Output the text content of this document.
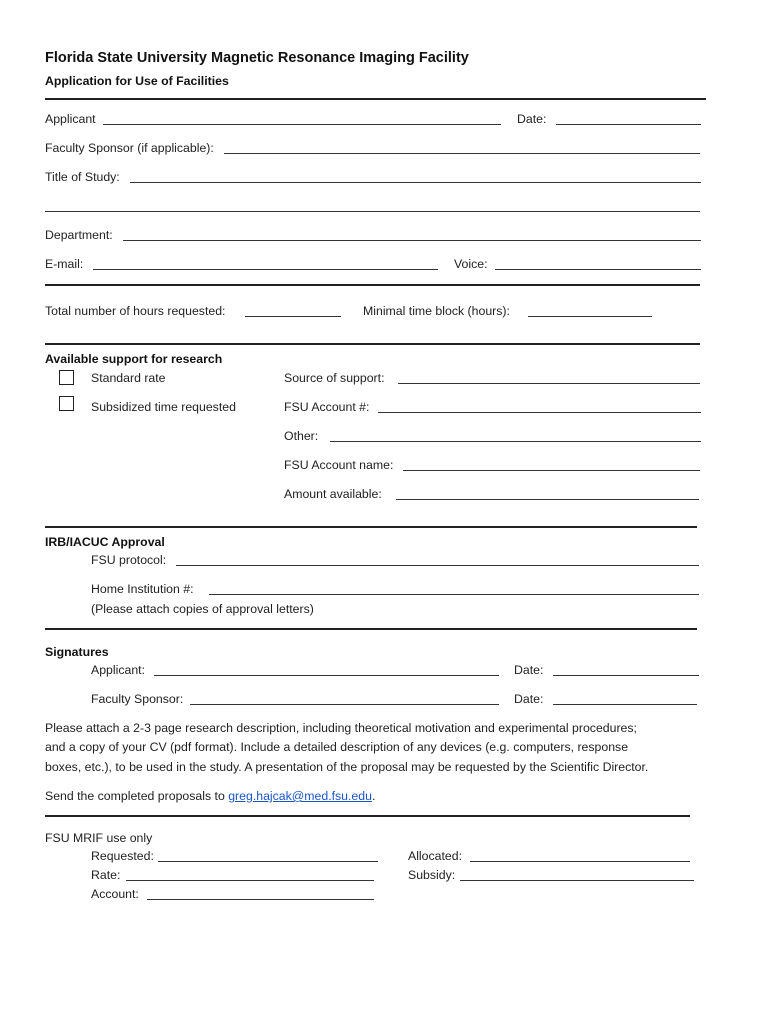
Florida State University Magnetic Resonance Imaging Facility
Application for Use of Facilities
Applicant	Date:
Faculty Sponsor (if applicable):
Title of Study:
Department:
E-mail:	Voice:
Total number of hours requested:	Minimal time block (hours):
Available support for research
Standard rate
Subsidized time requested
Source of support:
FSU Account #:
Other:
FSU Account name:
Amount available:
IRB/IACUC Approval
FSU protocol:
Home Institution #:
(Please attach copies of approval letters)
Signatures
Applicant:	Date:
Faculty Sponsor:	Date:
Please attach a 2-3 page research description, including theoretical motivation and experimental procedures;
and a copy of your CV (pdf format). Include a detailed description of any devices (e.g. computers, response
boxes, etc.), to be used in the study. A presentation of the proposal may be requested by the Scientific Director.
Send the completed proposals to greg.hajcak@med.fsu.edu.
FSU MRIF use only
Requested:	Allocated:
Rate:	Subsidy:
Account:
